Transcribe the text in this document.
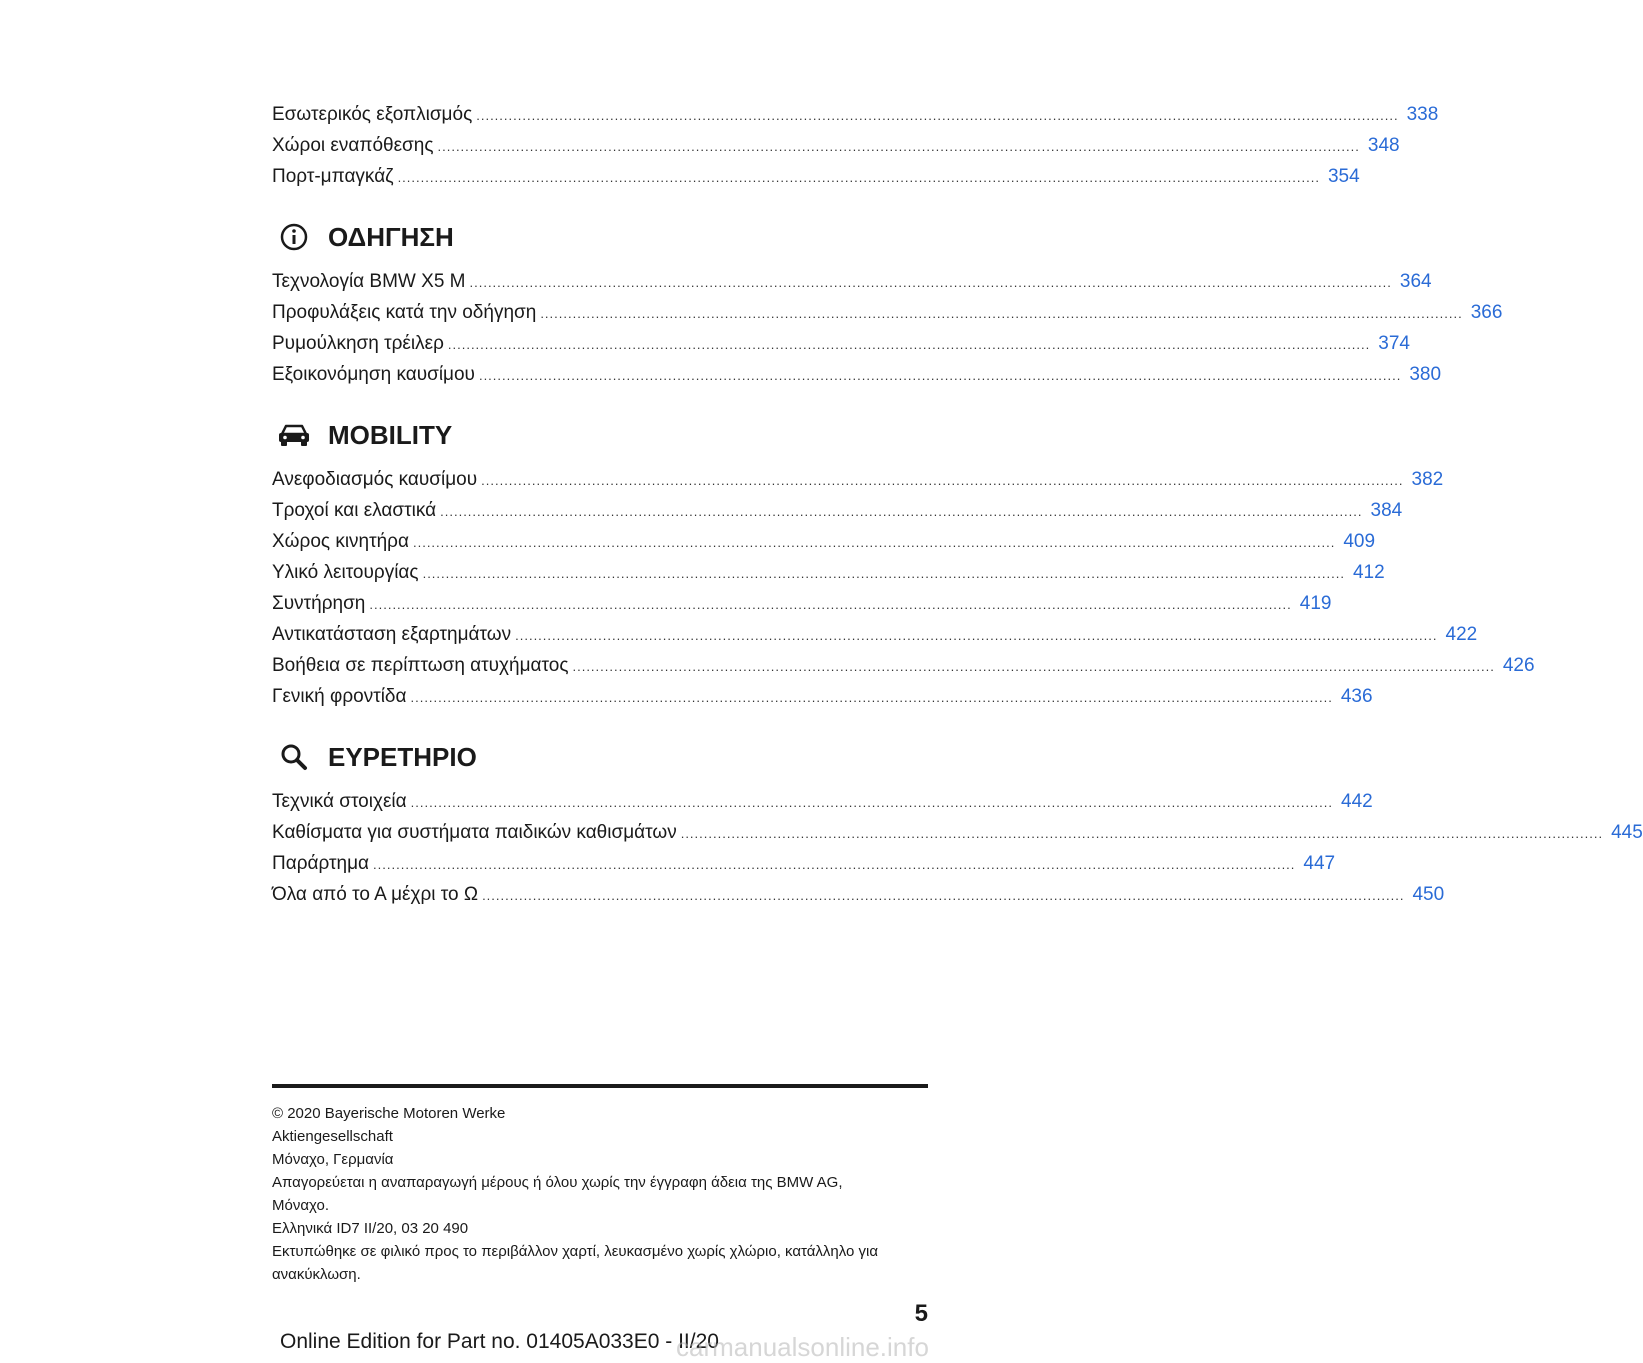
Εσωτερικός εξοπλισμός ........................................................................................................................................................................................................ 338
Χώροι εναπόθεσης ........................................................................................................................................................................................................ 348
Πορτ-μπαγκάζ ........................................................................................................................................................................................................ 354
ΟΔΗΓΗΣΗ
Τεχνολογία BMW X5 M ........................................................................................................................................................................................................ 364
Προφυλάξεις κατά την οδήγηση ........................................................................................................................................................................................................ 366
Ρυμούλκηση τρέιλερ ........................................................................................................................................................................................................ 374
Εξοικονόμηση καυσίμου ........................................................................................................................................................................................................ 380
MOBILITY
Ανεφοδιασμός καυσίμου ........................................................................................................................................................................................................ 382
Τροχοί και ελαστικά ........................................................................................................................................................................................................ 384
Χώρος κινητήρα ........................................................................................................................................................................................................ 409
Υλικό λειτουργίας ........................................................................................................................................................................................................ 412
Συντήρηση ........................................................................................................................................................................................................ 419
Αντικατάσταση εξαρτημάτων ........................................................................................................................................................................................................ 422
Βοήθεια σε περίπτωση ατυχήματος ........................................................................................................................................................................................................ 426
Γενική φροντίδα ........................................................................................................................................................................................................ 436
ΕΥΡΕΤΗΡΙΟ
Τεχνικά στοιχεία ........................................................................................................................................................................................................ 442
Καθίσματα για συστήματα παιδικών καθισμάτων ........................................................................................................................................................................................................ 445
Παράρτημα ........................................................................................................................................................................................................ 447
Όλα από το Α μέχρι το Ω ........................................................................................................................................................................................................ 450
© 2020 Bayerische Motoren Werke
Aktiengesellschaft
Μόναχο, Γερμανία
Απαγορεύεται η αναπαραγωγή μέρους ή όλου χωρίς την έγγραφη άδεια της BMW AG,
Μόναχο.
Ελληνικά ID7 II/20, 03 20 490
Εκτυπώθηκε σε φιλικό προς το περιβάλλον χαρτί, λευκασμένο χωρίς χλώριο, κατάλληλο για
ανακύκλωση.
5
Online Edition for Part no. 01405A033E0 - II/20
carmanualsonline.info
